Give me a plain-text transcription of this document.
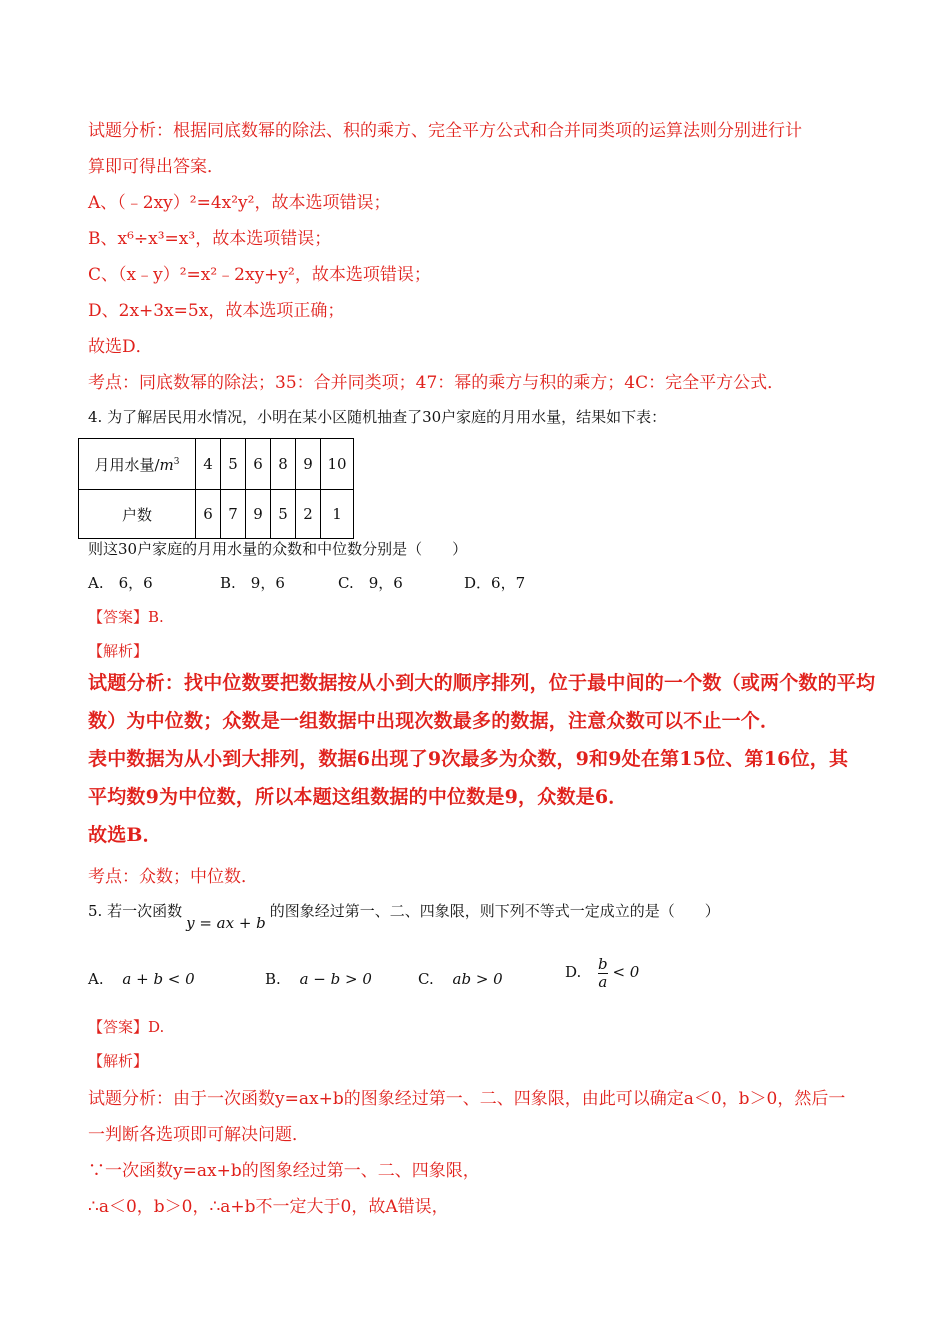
试题分析：根据同底数幂的除法、积的乘方、完全平方公式和合并同类项的运算法则分别进行计
算即可得出答案．
A、（﹣2xy）²=4x²y²，故本选项错误；
B、x⁶÷x³=x³，故本选项错误；
C、（x﹣y）²=x²﹣2xy+y²，故本选项错误；
D、2x+3x=5x，故本选项正确；
故选D．
考点：同底数幂的除法；35：合并同类项；47：幂的乘方与积的乘方；4C：完全平方公式．
4. 为了解居民用水情况，小明在某小区随机抽查了30户家庭的月用水量，结果如下表：
月用水量$/m^3$	4	5	6	8	9	10
户数	6	7	9	5	2	1
则这30户家庭的月用水量的众数和中位数分别是（　　）
A.　6，6	B.　9，6	C.　9，6	D．6，7
【答案】B.
【解析】
试题分析：找中位数要把数据按从小到大的顺序排列，位于最中间的一个数（或两个数的平均
数）为中位数；众数是一组数据中出现次数最多的数据，注意众数可以不止一个．
表中数据为从小到大排列，数据6出现了9次最多为众数，9和9处在第15位、第16位，其
平均数9为中位数，所以本题这组数据的中位数是9，众数是6．
故选B．
考点：众数；中位数．
5. 若一次函数y = ax + b的图象经过第一、二、四象限，则下列不等式一定成立的是（　　）
A. a + b < 0	B. a − b > 0	C. ab > 0	D. $\frac{b}{a} < 0$
【答案】D.
【解析】
试题分析：由于一次函数y=ax+b的图象经过第一、二、四象限，由此可以确定a＜0，b＞0，然后一
一判断各选项即可解决问题．
∵一次函数y=ax+b的图象经过第一、二、四象限，
∴a＜0，b＞0，∴a+b不一定大于0，故A错误，
